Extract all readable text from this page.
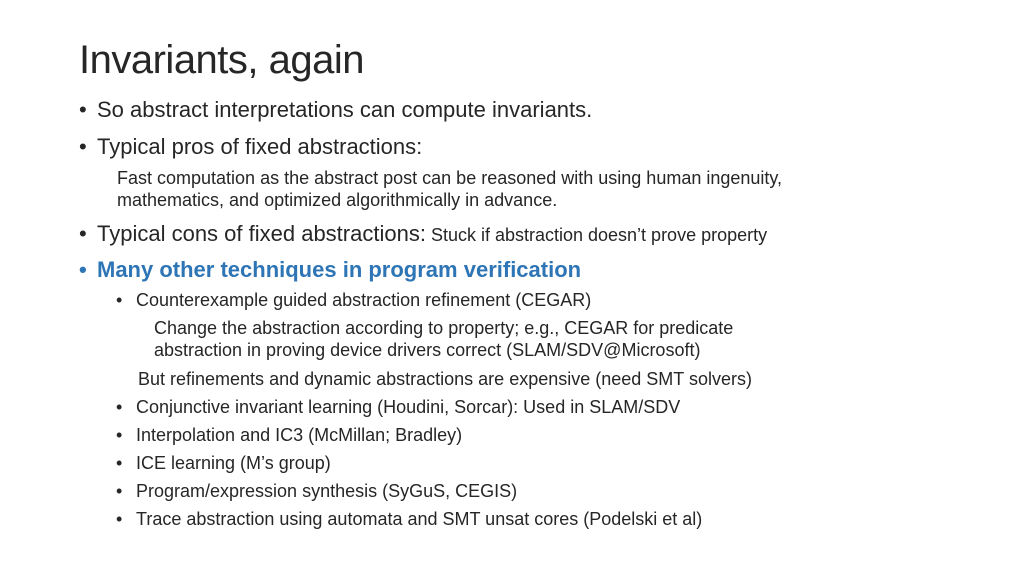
Invariants, again
• So abstract interpretations can compute invariants.
• Typical pros of fixed abstractions:
Fast computation as the abstract post can be reasoned with using human ingenuity,
mathematics, and optimized algorithmically in advance.
• Typical cons of fixed abstractions: Stuck if abstraction doesn’t prove property
• Many other techniques in program verification
• Counterexample guided abstraction refinement (CEGAR)
Change the abstraction according to property; e.g., CEGAR for predicate
abstraction in proving device drivers correct (SLAM/SDV@Microsoft)
But refinements and dynamic abstractions are expensive (need SMT solvers)
• Conjunctive invariant learning (Houdini, Sorcar): Used in SLAM/SDV
• Interpolation and IC3 (McMillan; Bradley)
• ICE learning (M’s group)
• Program/expression synthesis (SyGuS, CEGIS)
• Trace abstraction using automata and SMT unsat cores (Podelski et al)
